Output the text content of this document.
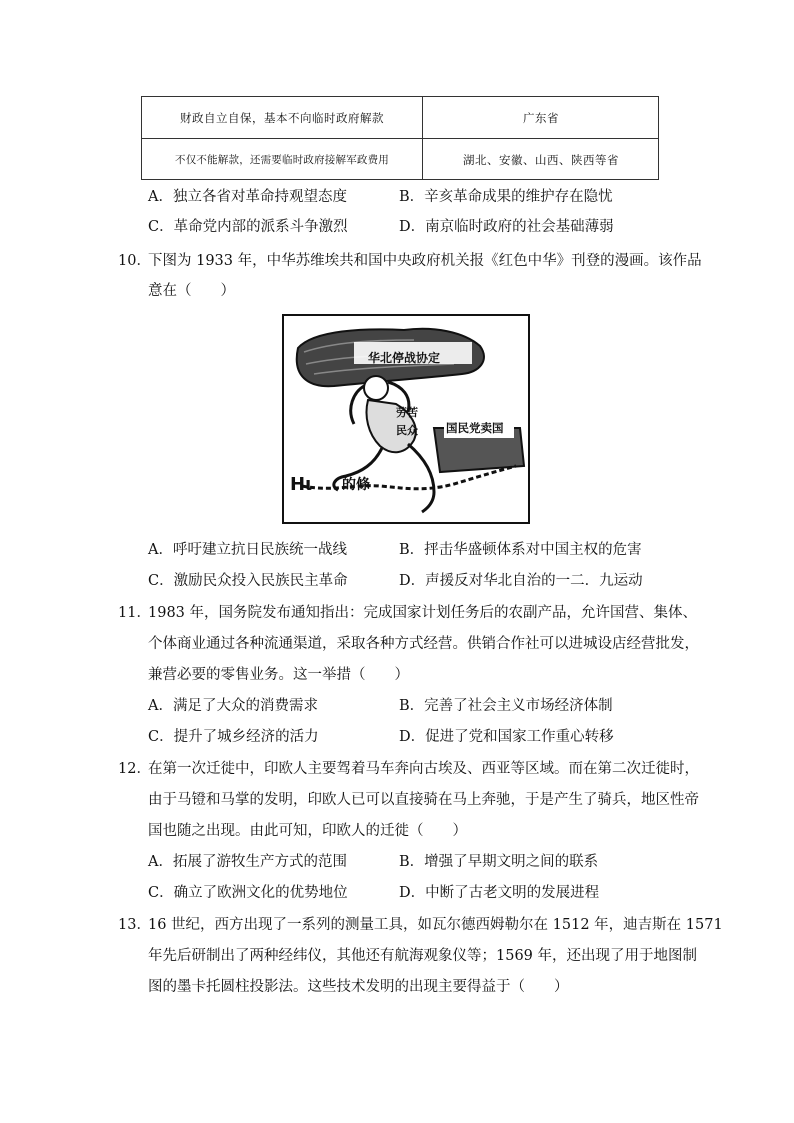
财政自立自保，基本不向临时政府解款	广东省
不仅不能解款，还需要临时政府接解军政费用	湖北、安徽、山西、陕西等省
A．独立各省对革命持观望态度	B．辛亥革命成果的维护存在隐忧
C．革命党内部的派系斗争激烈	D．南京临时政府的社会基础薄弱
10．
下图为 1933 年，中华苏维埃共和国中央政府机关报《红色中华》刊登的漫画。该作品
意在（　　）
华北停战协定
劳苦
民众 国民党卖国
的條
Hι
A．呼吁建立抗日民族统一战线	B．抨击华盛顿体系对中国主权的危害
C．激励民众投入民族民主革命	D．声援反对华北自治的一二．九运动
11．
1983 年，国务院发布通知指出：完成国家计划任务后的农副产品，允许国营、集体、
个体商业通过各种流通渠道，采取各种方式经营。供销合作社可以进城设店经营批发，
兼营必要的零售业务。这一举措（　　）
A．满足了大众的消费需求	B．完善了社会主义市场经济体制
C．提升了城乡经济的活力	D．促进了党和国家工作重心转移
12．
在第一次迁徙中，印欧人主要驾着马车奔向古埃及、西亚等区域。而在第二次迁徙时，
由于马镫和马掌的发明，印欧人已可以直接骑在马上奔驰，于是产生了骑兵，地区性帝
国也随之出现。由此可知，印欧人的迁徙（　　）
A．拓展了游牧生产方式的范围	B．增强了早期文明之间的联系
C．确立了欧洲文化的优势地位	D．中断了古老文明的发展进程
13．
16 世纪，西方出现了一系列的测量工具，如瓦尔德西姆勒尔在 1512 年，迪吉斯在 1571
年先后研制出了两种经纬仪，其他还有航海观象仪等；1569 年，还出现了用于地图制
图的墨卡托圆柱投影法。这些技术发明的出现主要得益于（　　）
